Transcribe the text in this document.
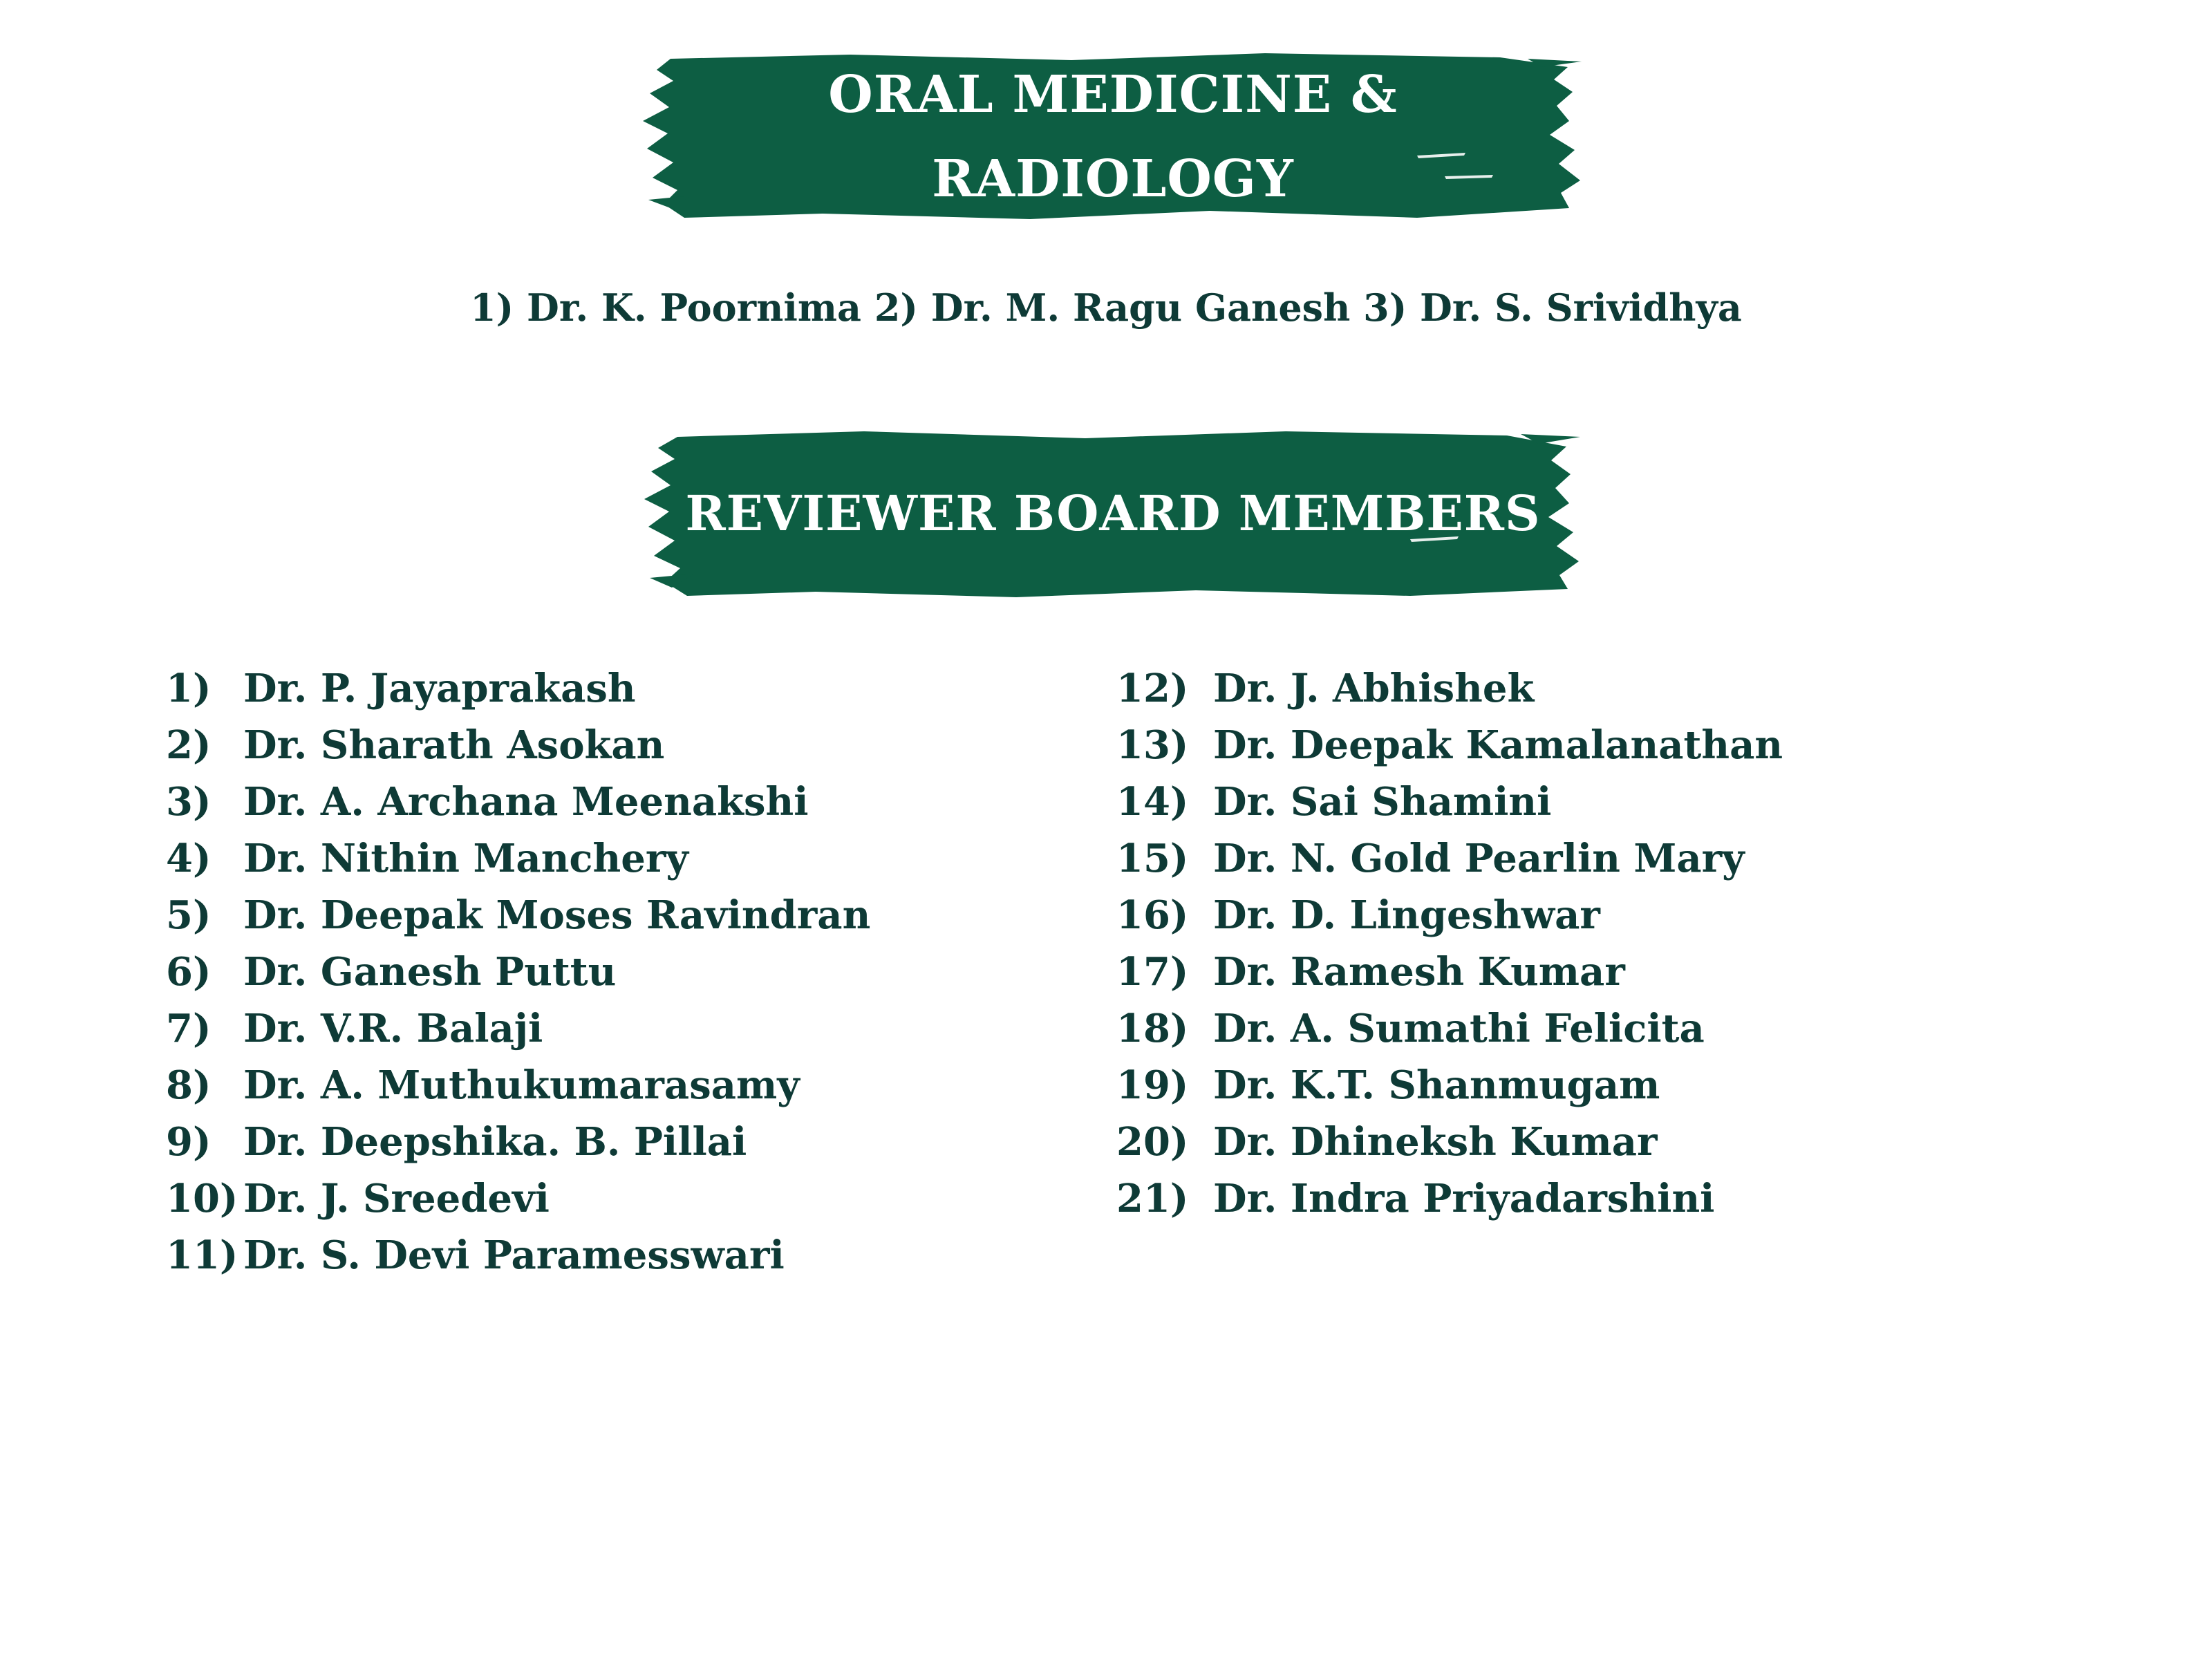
ORAL MEDICINE &
RADIOLOGY
1) Dr. K. Poornima 2) Dr. M. Ragu Ganesh 3) Dr. S. Srividhya
REVIEWER BOARD MEMBERS
1) Dr. P. Jayaprakash
2) Dr. Sharath Asokan
3) Dr. A. Archana Meenakshi
4) Dr. Nithin Manchery
5) Dr. Deepak Moses Ravindran
6) Dr. Ganesh Puttu
7) Dr. V.R. Balaji
8) Dr. A. Muthukumarasamy
9) Dr. Deepshika. B. Pillai
10) Dr. J. Sreedevi
11) Dr. S. Devi Paramesswari
12) Dr. J. Abhishek
13) Dr. Deepak Kamalanathan
14) Dr. Sai Shamini
15) Dr. N. Gold Pearlin Mary
16) Dr. D. Lingeshwar
17) Dr. Ramesh Kumar
18) Dr. A. Sumathi Felicita
19) Dr. K.T. Shanmugam
20) Dr. Dhineksh Kumar
21) Dr. Indra Priyadarshini
